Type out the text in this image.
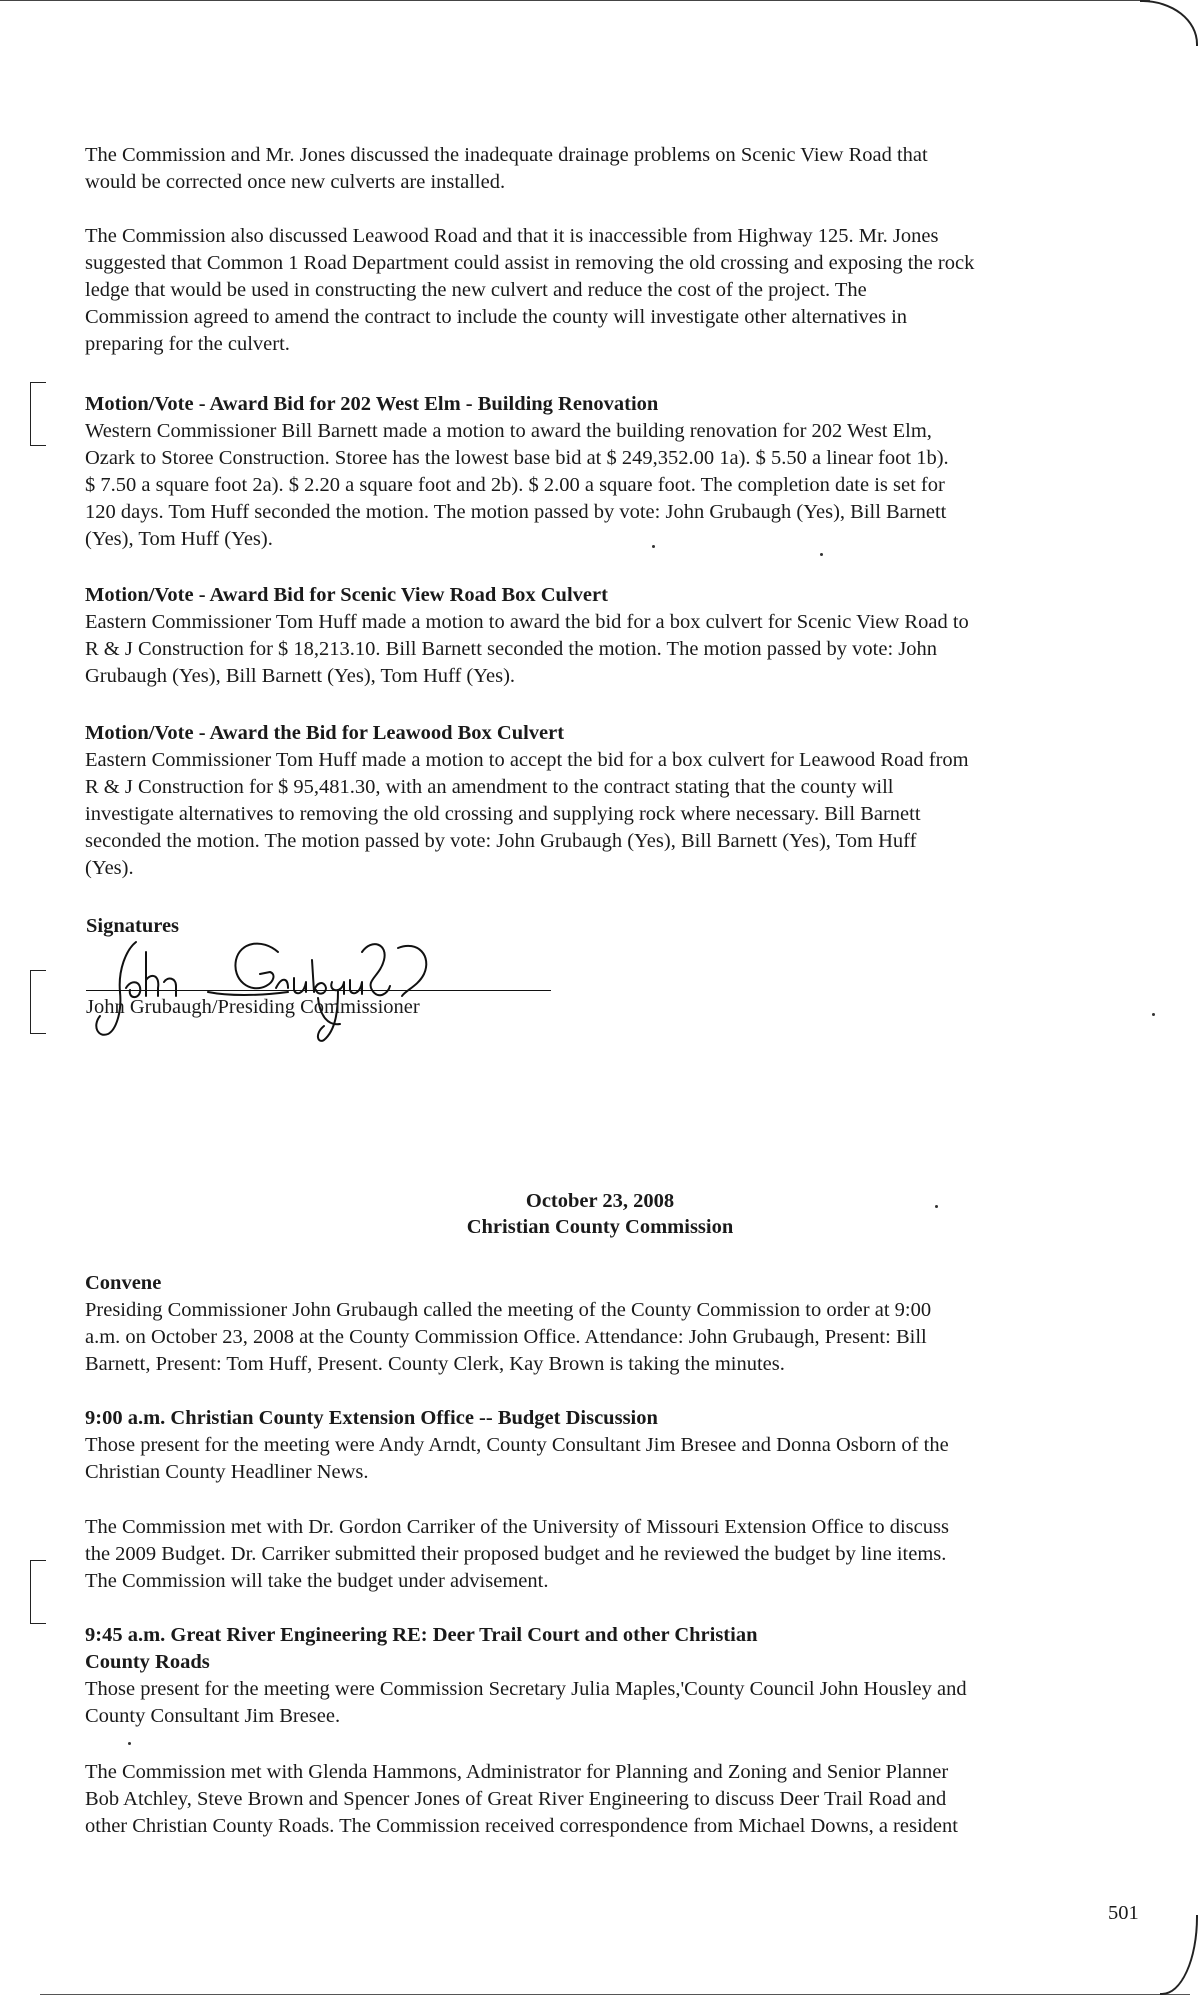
The Commission and Mr. Jones discussed the inadequate drainage problems on Scenic View Road that
would be corrected once new culverts are installed.

The Commission also discussed Leawood Road and that it is inaccessible from Highway 125. Mr. Jones
suggested that Common 1 Road Department could assist in removing the old crossing and exposing the rock
ledge that would be used in constructing the new culvert and reduce the cost of the project. The
Commission agreed to amend the contract to include the county will investigate other alternatives in
preparing for the culvert.

Motion/Vote - Award Bid for 202 West Elm - Building Renovation

Western Commissioner Bill Barnett made a motion to award the building renovation for 202 West Elm,
Ozark to Storee Construction. Storee has the lowest base bid at $ 249,352.00 1a). $ 5.50 a linear foot 1b).
$ 7.50 a square foot 2a). $ 2.20 a square foot and 2b). $ 2.00 a square foot. The completion date is set for
120 days. Tom Huff seconded the motion. The motion passed by vote: John Grubaugh (Yes), Bill Barnett
(Yes), Tom Huff (Yes).

Motion/Vote - Award Bid for Scenic View Road Box Culvert

Eastern Commissioner Tom Huff made a motion to award the bid for a box culvert for Scenic View Road to
R & J Construction for $ 18,213.10. Bill Barnett seconded the motion. The motion passed by vote: John
Grubaugh (Yes), Bill Barnett (Yes), Tom Huff (Yes).

Motion/Vote - Award the Bid for Leawood Box Culvert

Eastern Commissioner Tom Huff made a motion to accept the bid for a box culvert for Leawood Road from
R & J Construction for $ 95,481.30, with an amendment to the contract stating that the county will
investigate alternatives to removing the old crossing and supplying rock where necessary. Bill Barnett
seconded the motion. The motion passed by vote: John Grubaugh (Yes), Bill Barnett (Yes), Tom Huff
(Yes).

Signatures

John Grubaugh/Presiding Commissioner
October 23, 2008
Christian County Commission

Convene

Presiding Commissioner John Grubaugh called the meeting of the County Commission to order at 9:00
a.m. on October 23, 2008 at the County Commission Office. Attendance: John Grubaugh, Present: Bill
Barnett, Present: Tom Huff, Present. County Clerk, Kay Brown is taking the minutes.

9:00 a.m. Christian County Extension Office -- Budget Discussion

Those present for the meeting were Andy Arndt, County Consultant Jim Bresee and Donna Osborn of the
Christian County Headliner News.

The Commission met with Dr. Gordon Carriker of the University of Missouri Extension Office to discuss
the 2009 Budget. Dr. Carriker submitted their proposed budget and he reviewed the budget by line items.
The Commission will take the budget under advisement.

9:45 a.m. Great River Engineering RE: Deer Trail Court and other Christian
County Roads

Those present for the meeting were Commission Secretary Julia Maples,'County Council John Housley and
County Consultant Jim Bresee.

The Commission met with Glenda Hammons, Administrator for Planning and Zoning and Senior Planner
Bob Atchley, Steve Brown and Spencer Jones of Great River Engineering to discuss Deer Trail Road and
other Christian County Roads. The Commission received correspondence from Michael Downs, a resident

501
